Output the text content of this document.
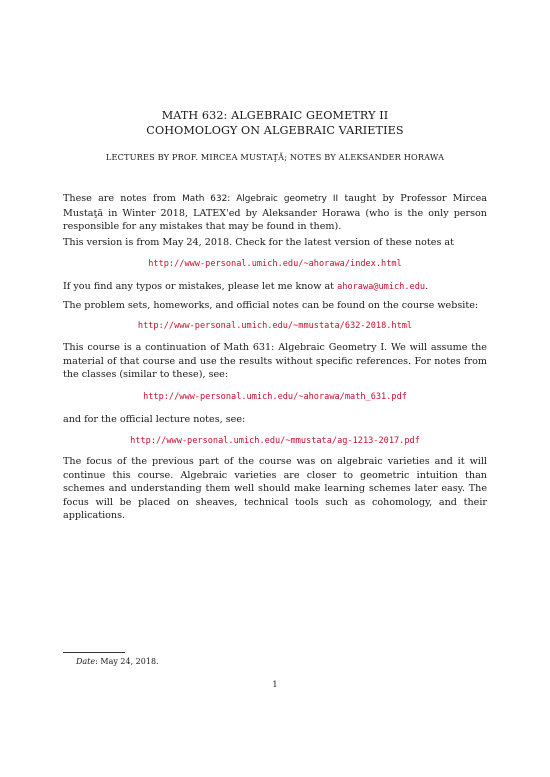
MATH 632: ALGEBRAIC GEOMETRY II
COHOMOLOGY ON ALGEBRAIC VARIETIES
LECTURES BY PROF. MIRCEA MUSTAŢĂ; NOTES BY ALEKSANDER HORAWA

These are notes from Math 632: Algebraic geometry II taught by Professor Mircea Mustaţă in Winter 2018, LATEX'ed by Aleksander Horawa (who is the only person responsible for any mistakes that may be found in them).

This version is from May 24, 2018. Check for the latest version of these notes at

http://www-personal.umich.edu/~ahorawa/index.html

If you find any typos or mistakes, please let me know at ahorawa@umich.edu.

The problem sets, homeworks, and official notes can be found on the course website:

http://www-personal.umich.edu/~mmustata/632-2018.html

This course is a continuation of Math 631: Algebraic Geometry I. We will assume the material of that course and use the results without specific references. For notes from the classes (similar to these), see:

http://www-personal.umich.edu/~ahorawa/math_631.pdf

and for the official lecture notes, see:

http://www-personal.umich.edu/~mmustata/ag-1213-2017.pdf

The focus of the previous part of the course was on algebraic varieties and it will continue this course. Algebraic varieties are closer to geometric intuition than schemes and understanding them well should make learning schemes later easy. The focus will be placed on sheaves, technical tools such as cohomology, and their applications.

Date: May 24, 2018.
1
